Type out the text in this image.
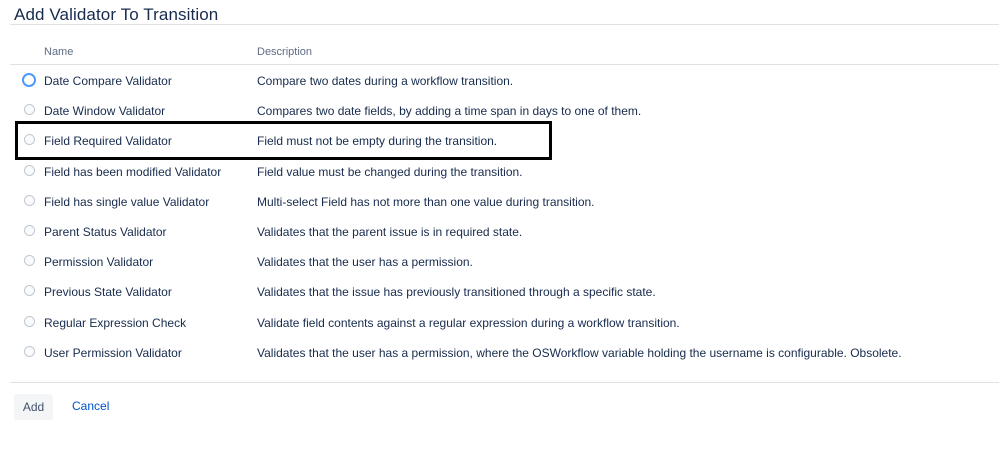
Add Validator To Transition
Name	Description
Date Compare Validator	Compare two dates during a workflow transition.
Date Window Validator	Compares two date fields, by adding a time span in days to one of them.
Field Required Validator	Field must not be empty during the transition.
Field has been modified Validator	Field value must be changed during the transition.
Field has single value Validator	Multi-select Field has not more than one value during transition.
Parent Status Validator	Validates that the parent issue is in required state.
Permission Validator	Validates that the user has a permission.
Previous State Validator	Validates that the issue has previously transitioned through a specific state.
Regular Expression Check	Validate field contents against a regular expression during a workflow transition.
User Permission Validator	Validates that the user has a permission, where the OSWorkflow variable holding the username is configurable. Obsolete.
Add	Cancel
